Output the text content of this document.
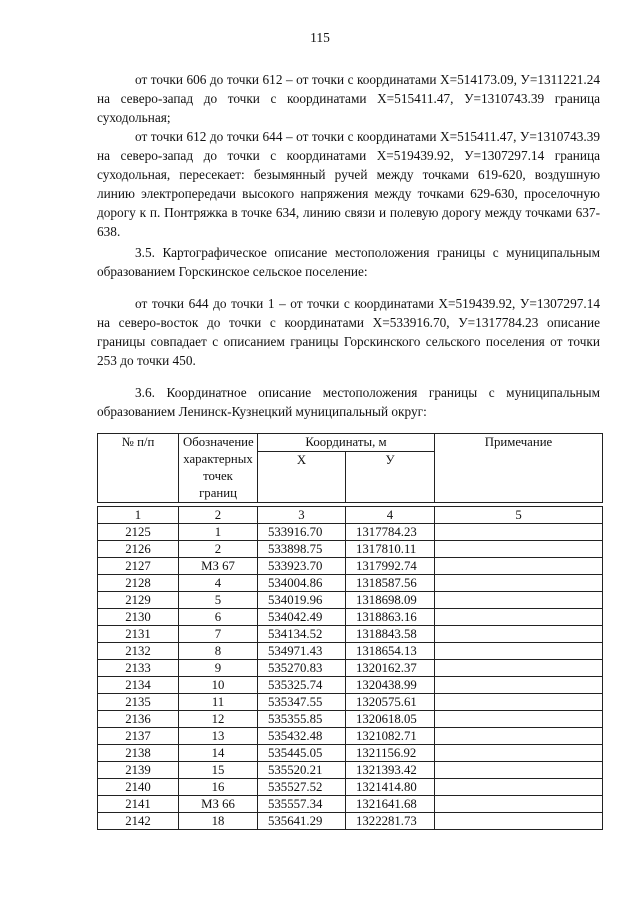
115

от точки 606 до точки 612 – от точки с координатами Х=514173.09, У=1311221.24 на северо-запад до точки с координатами Х=515411.47, У=1310743.39 граница суходольная;

от точки 612 до точки 644 – от точки с координатами Х=515411.47, У=1310743.39 на северо-запад до точки с координатами Х=519439.92, У=1307297.14 граница суходольная, пересекает: безымянный ручей между точками 619-620, воздушную линию электропередачи высокого напряжения между точками 629-630, проселочную дорогу к п. Понтряжка в точке 634, линию связи и полевую дорогу между точками 637-638.

3.5. Картографическое описание местоположения границы с муниципальным образованием Горскинское сельское поселение:

от точки 644 до точки 1 – от точки с координатами Х=519439.92, У=1307297.14 на северо-восток до точки с координатами Х=533916.70, У=1317784.23 описание границы совпадает с описанием границы Горскинского сельского поселения от точки 253 до точки 450.

3.6. Координатное описание местоположения границы с муниципальным образованием Ленинск-Кузнецкий муниципальный округ:

№ п/п	Обозначение характерных точек границ	Координаты, м		Примечание
		Х	У	

1	2	3	4	5
2125	1	533916.70	1317784.23	
2126	2	533898.75	1317810.11	
2127	МЗ 67	533923.70	1317992.74	
2128	4	534004.86	1318587.56	
2129	5	534019.96	1318698.09	
2130	6	534042.49	1318863.16	
2131	7	534134.52	1318843.58	
2132	8	534971.43	1318654.13	
2133	9	535270.83	1320162.37	
2134	10	535325.74	1320438.99	
2135	11	535347.55	1320575.61	
2136	12	535355.85	1320618.05	
2137	13	535432.48	1321082.71	
2138	14	535445.05	1321156.92	
2139	15	535520.21	1321393.42	
2140	16	535527.52	1321414.80	
2141	МЗ 66	535557.34	1321641.68	
2142	18	535641.29	1322281.73	
